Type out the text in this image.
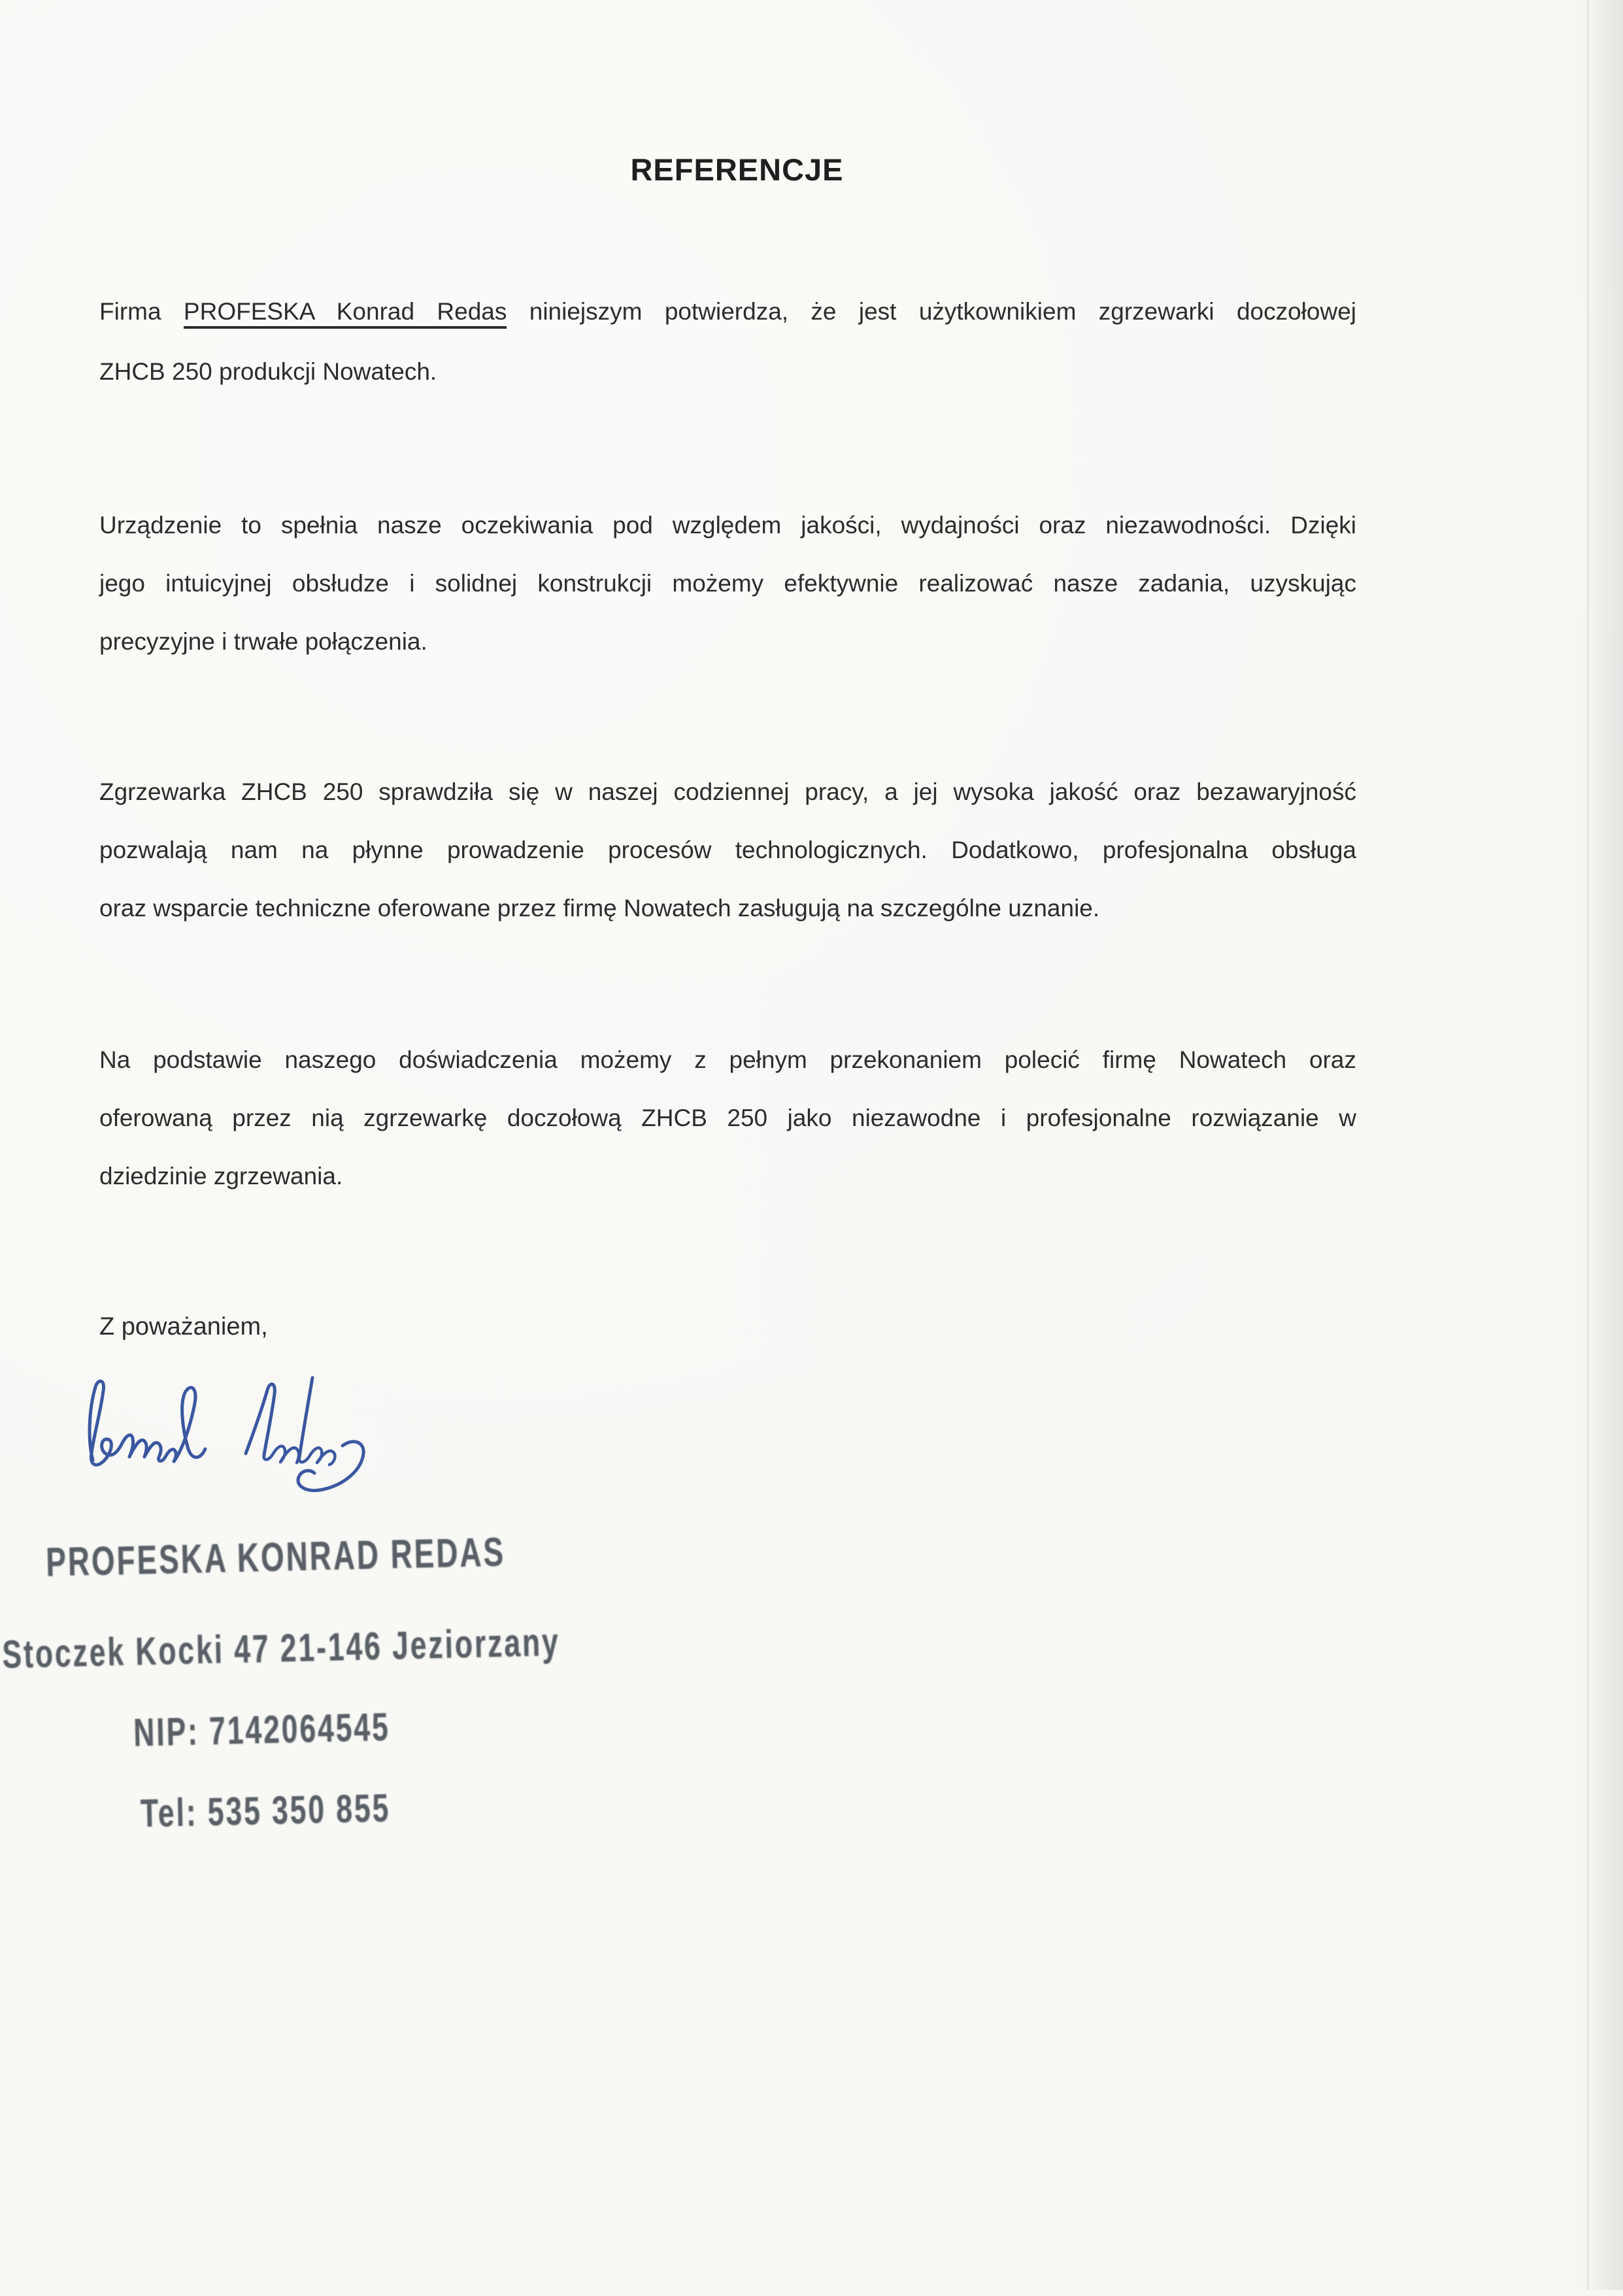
REFERENCJE
Firma PROFESKA Konrad Redas niniejszym potwierdza, że jest użytkownikiem zgrzewarki doczołowej
ZHCB 250 produkcji Nowatech.
Urządzenie to spełnia nasze oczekiwania pod względem jakości, wydajności oraz niezawodności. Dzięki
jego intuicyjnej obsłudze i solidnej konstrukcji możemy efektywnie realizować nasze zadania, uzyskując
precyzyjne i trwałe połączenia.
Zgrzewarka ZHCB 250 sprawdziła się w naszej codziennej pracy, a jej wysoka jakość oraz bezawaryjność
pozwalają nam na płynne prowadzenie procesów technologicznych. Dodatkowo, profesjonalna obsługa
oraz wsparcie techniczne oferowane przez firmę Nowatech zasługują na szczególne uznanie.
Na podstawie naszego doświadczenia możemy z pełnym przekonaniem polecić firmę Nowatech oraz
oferowaną przez nią zgrzewarkę doczołową ZHCB 250 jako niezawodne i profesjonalne rozwiązanie w
dziedzinie zgrzewania.
Z poważaniem,
PROFESKA KONRAD REDAS
Stoczek Kocki 47 21-146 Jeziorzany
NIP: 7142064545
Tel: 535 350 855
